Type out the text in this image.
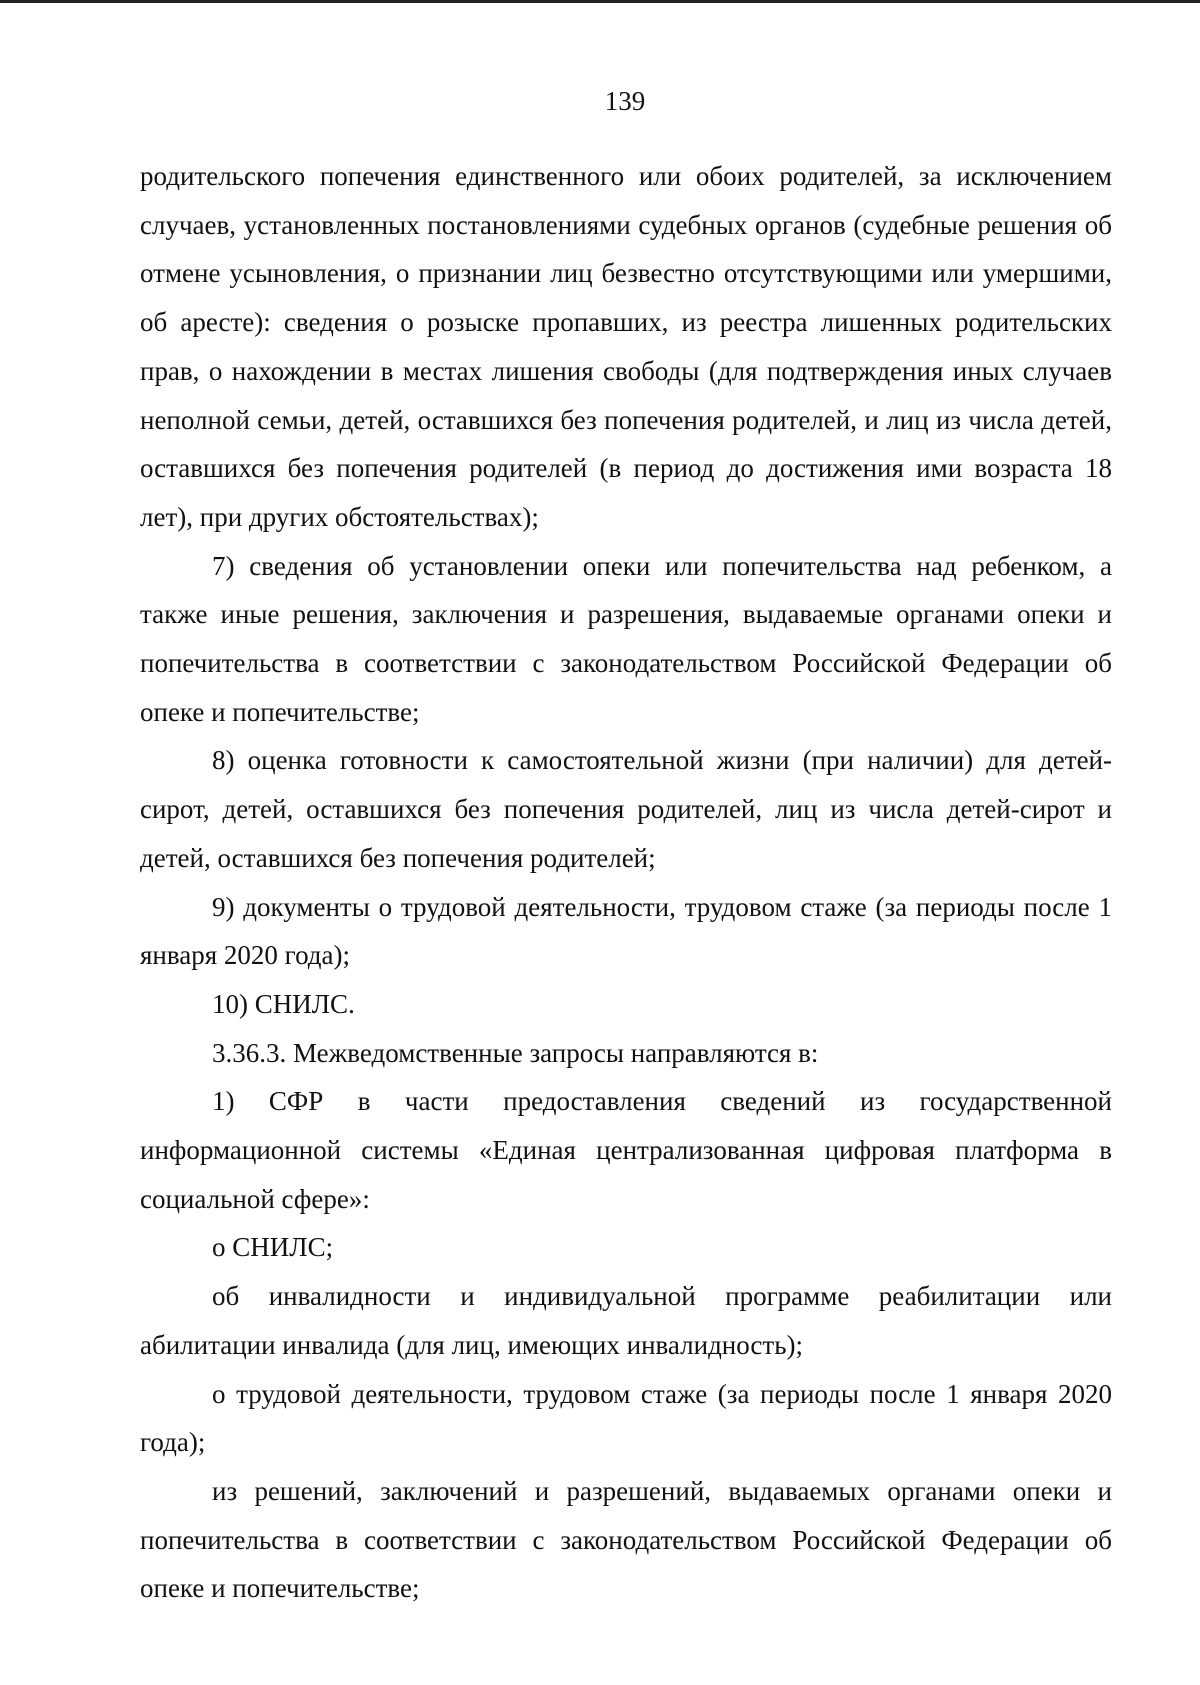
139

родительского попечения единственного или обоих родителей, за исключением случаев, установленных постановлениями судебных органов (судебные решения об отмене усыновления, о признании лиц безвестно отсутствующими или умершими, об аресте): сведения о розыске пропавших, из реестра лишенных родительских прав, о нахождении в местах лишения свободы (для подтверждения иных случаев неполной семьи, детей, оставшихся без попечения родителей, и лиц из числа детей, оставшихся без попечения родителей (в период до достижения ими возраста 18 лет), при других обстоятельствах);

7) сведения об установлении опеки или попечительства над ребенком, а также иные решения, заключения и разрешения, выдаваемые органами опеки и попечительства в соответствии с законодательством Российской Федерации об опеке и попечительстве;

8) оценка готовности к самостоятельной жизни (при наличии) для детей-сирот, детей, оставшихся без попечения родителей, лиц из числа детей-сирот и детей, оставшихся без попечения родителей;

9) документы о трудовой деятельности, трудовом стаже (за периоды после 1 января 2020 года);

10) СНИЛС.

3.36.3. Межведомственные запросы направляются в:

1) СФР в части предоставления сведений из государственной информационной системы «Единая централизованная цифровая платформа в социальной сфере»:

о СНИЛС;

об инвалидности и индивидуальной программе реабилитации или абилитации инвалида (для лиц, имеющих инвалидность);

о трудовой деятельности, трудовом стаже (за периоды после 1 января 2020 года);

из решений, заключений и разрешений, выдаваемых органами опеки и попечительства в соответствии с законодательством Российской Федерации об опеке и попечительстве;
